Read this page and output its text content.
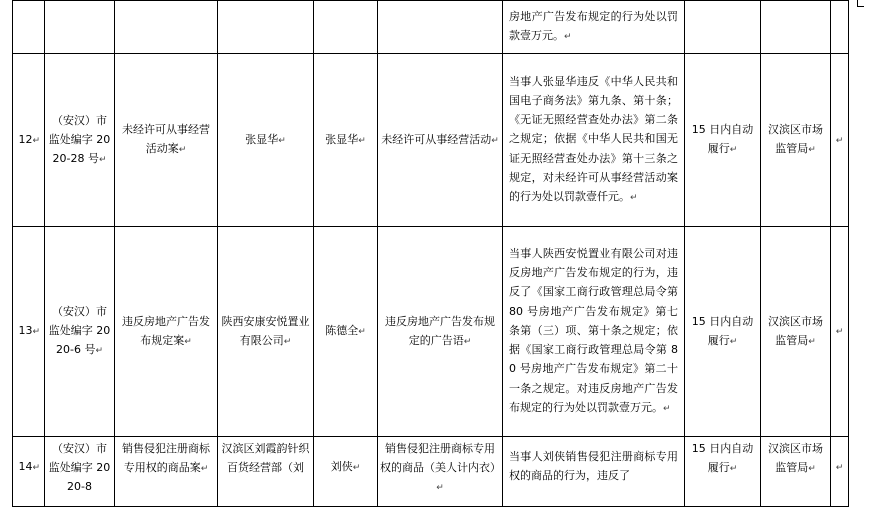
						房地产广告发布规定的行为处以罚款壹万元。↵			
12↵	（安汉）市监处编字 2020-28 号↵	未经许可从事经营活动案↵	张显华↵	张显华↵	未经许可从事经营活动↵	当事人张显华违反《中华人民共和国电子商务法》第九条、第十条；《无证无照经营查处办法》第二条之规定；依据《中华人民共和国无证无照经营查处办法》第十三条之规定，对未经许可从事经营活动案的行为处以罚款壹仟元。↵	15 日内自动履行↵	汉滨区市场监管局↵	↵
13↵	（安汉）市监处编字 2020-6 号↵	违反房地产广告发布规定案↵	陕西安康安悦置业有限公司↵	陈德全↵	违反房地产广告发布规定的广告语↵	当事人陕西安悦置业有限公司对违反房地产广告发布规定的行为，违反了《国家工商行政管理总局令第 80 号房地产广告发布规定》第七条第（三）项、第十条之规定；依据《国家工商行政管理总局令第 80 号房地产广告发布规定》第二十一条之规定。对违反房地产广告发布规定的行为处以罚款壹万元。↵	15 日内自动履行↵	汉滨区市场监管局↵	↵
14↵	（安汉）市监处编字 2020-8	销售侵犯注册商标专用权的商品案↵	汉滨区刘霞韵针织百货经营部（刘	刘侠↵	销售侵犯注册商标专用权的商品（美人计内衣）↵	当事人刘侠销售侵犯注册商标专用权的商品的行为，违反了	15 日内自动履行↵	汉滨区市场监管局↵	↵
